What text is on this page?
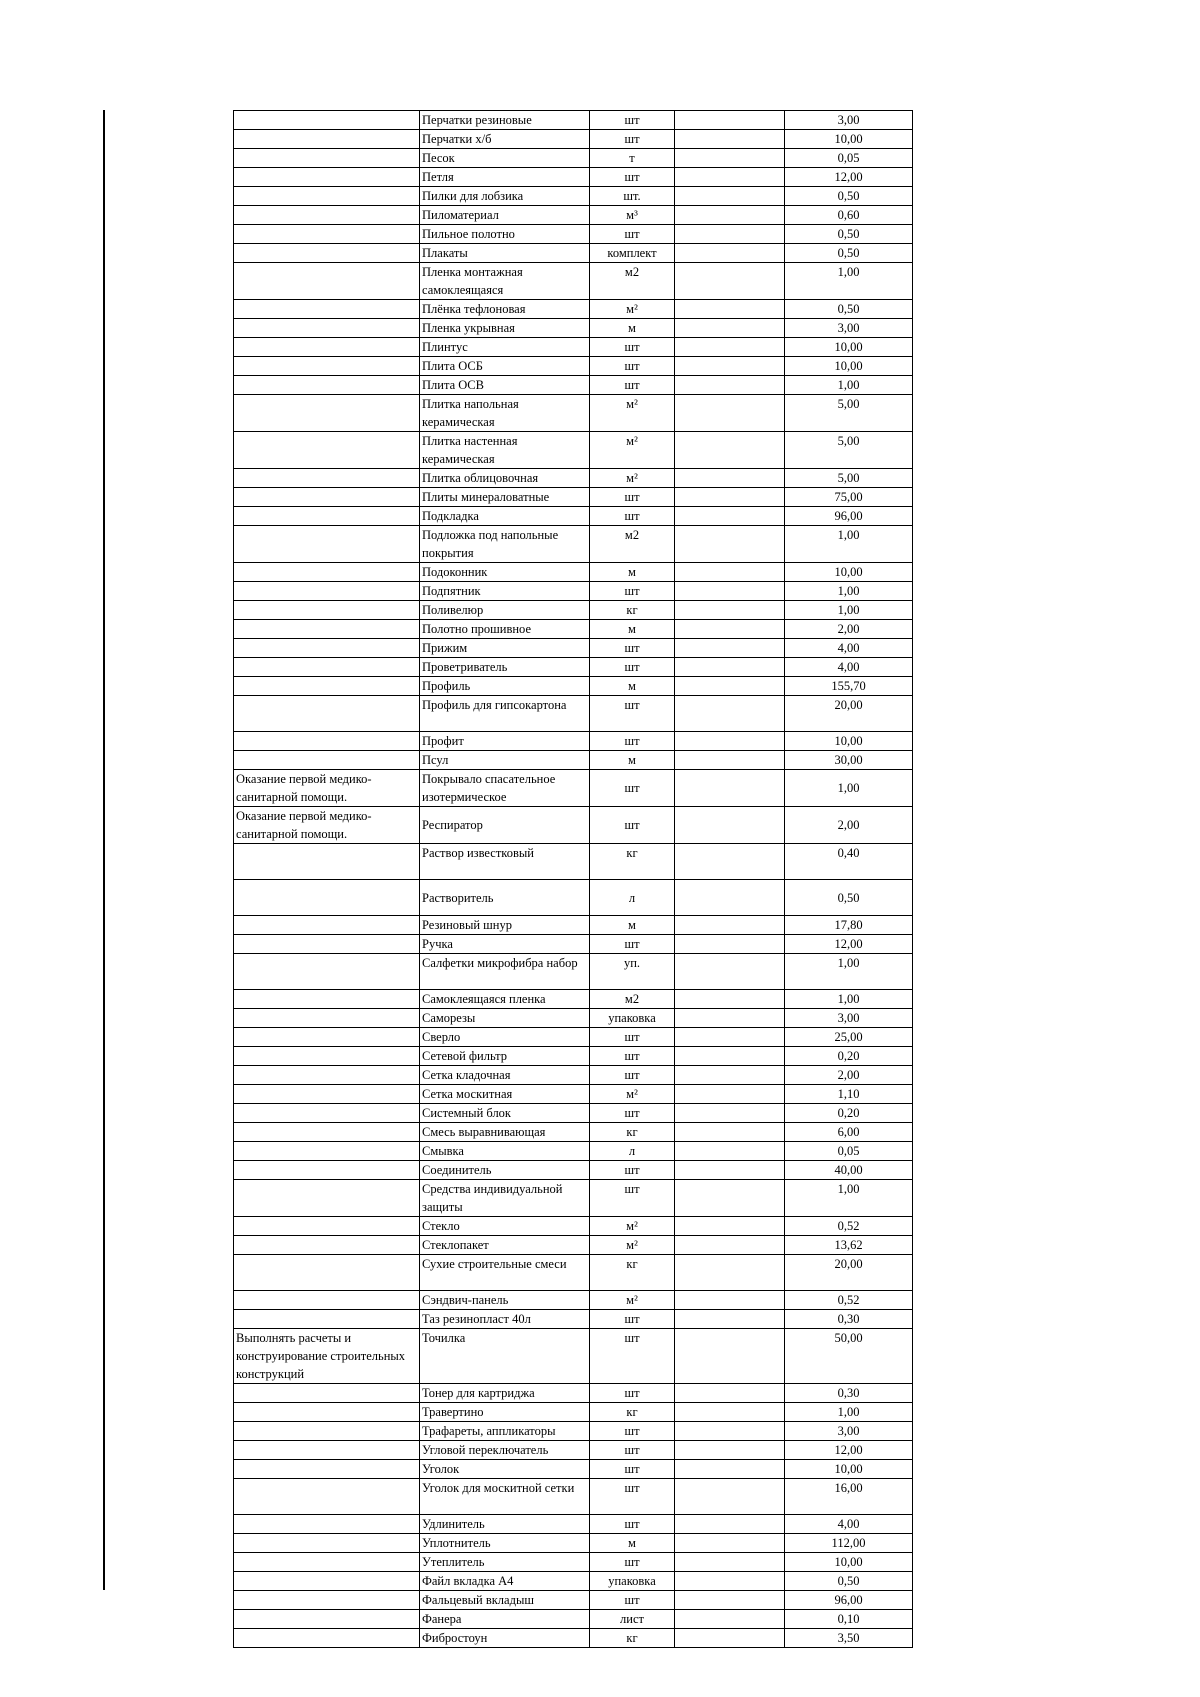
	Перчатки резиновые	шт		3,00
	Перчатки х/б	шт		10,00
	Песок	т		0,05
	Петля	шт		12,00
	Пилки для лобзика	шт.		0,50
	Пиломатериал	м³		0,60
	Пильное полотно	шт		0,50
	Плакаты	комплект		0,50
	Пленка монтажная самоклеящаяся	м2		1,00
	Плёнка тефлоновая	м²		0,50
	Пленка укрывная	м		3,00
	Плинтус	шт		10,00
	Плита ОСБ	шт		10,00
	Плита OCB	шт		1,00
	Плитка напольная керамическая	м²		5,00
	Плитка настенная керамическая	м²		5,00
	Плитка облицовочная	м²		5,00
	Плиты минераловатные	шт		75,00
	Подкладка	шт		96,00
	Подложка под напольные покрытия	м2		1,00
	Подоконник	м		10,00
	Подпятник	шт		1,00
	Поливелюр	кг		1,00
	Полотно прошивное	м		2,00
	Прижим	шт		4,00
	Проветриватель	шт		4,00
	Профиль	м		155,70
	Профиль для гипсокартона	шт		20,00
	Профит	шт		10,00
	Псул	м		30,00
Оказание первой медико-санитарной помощи.	Покрывало спасательное изотермическое	шт		1,00
Оказание первой медико-санитарной помощи.	Респиратор	шт		2,00
	Раствор известковый	кг		0,40
	Растворитель	л		0,50
	Резиновый шнур	м		17,80
	Ручка	шт		12,00
	Салфетки микрофибра набор	уп.		1,00
	Самоклеящаяся пленка	м2		1,00
	Саморезы	упаковка		3,00
	Сверло	шт		25,00
	Сетевой фильтр	шт		0,20
	Сетка кладочная	шт		2,00
	Сетка москитная	м²		1,10
	Системный блок	шт		0,20
	Смесь выравнивающая	кг		6,00
	Смывка	л		0,05
	Соединитель	шт		40,00
	Средства индивидуальной защиты	шт		1,00
	Стекло	м²		0,52
	Стеклопакет	м²		13,62
	Сухие строительные смеси	кг		20,00
	Сэндвич-панель	м²		0,52
	Таз резинопласт 40л	шт		0,30
Выполнять расчеты и конструирование строительных конструкций	Точилка	шт		50,00
	Тонер для картриджа	шт		0,30
	Травертино	кг		1,00
	Трафареты, аппликаторы	шт		3,00
	Угловой переключатель	шт		12,00
	Уголок	шт		10,00
	Уголок для москитной сетки	шт		16,00
	Удлинитель	шт		4,00
	Уплотнитель	м		112,00
	Утеплитель	шт		10,00
	Файл вкладка А4	упаковка		0,50
	Фальцевый вкладыш	шт		96,00
	Фанера	лист		0,10
	Фибростоун	кг		3,50
